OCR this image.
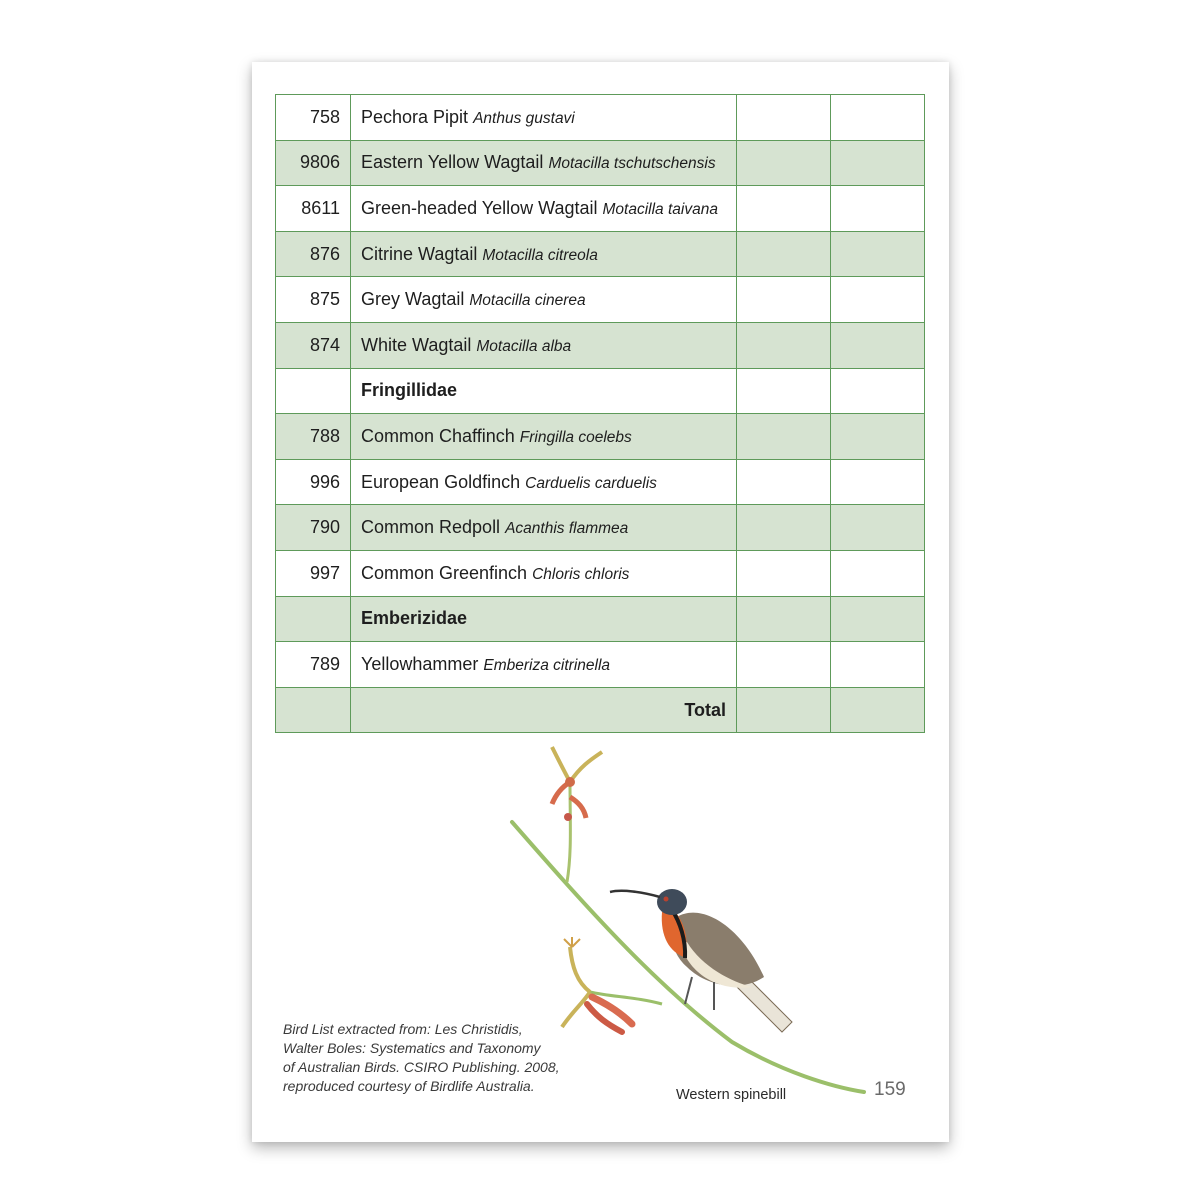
758	Pechora Pipit Anthus gustavi		
9806	Eastern Yellow Wagtail Motacilla tschutschensis		
8611	Green-headed Yellow Wagtail Motacilla taivana		
876	Citrine Wagtail Motacilla citreola		
875	Grey Wagtail Motacilla cinerea		
874	White Wagtail Motacilla alba		
	Fringillidae		
788	Common Chaffinch Fringilla coelebs		
996	European Goldfinch Carduelis carduelis		
790	Common Redpoll Acanthis flammea		
997	Common Greenfinch Chloris chloris		
	Emberizidae		
789	Yellowhammer Emberiza citrinella		
	Total		
Bird List extracted from: Les Christidis,
Walter Boles: Systematics and Taxonomy
of Australian Birds. CSIRO Publishing. 2008,
reproduced courtesy of Birdlife Australia.
Western spinebill	159
